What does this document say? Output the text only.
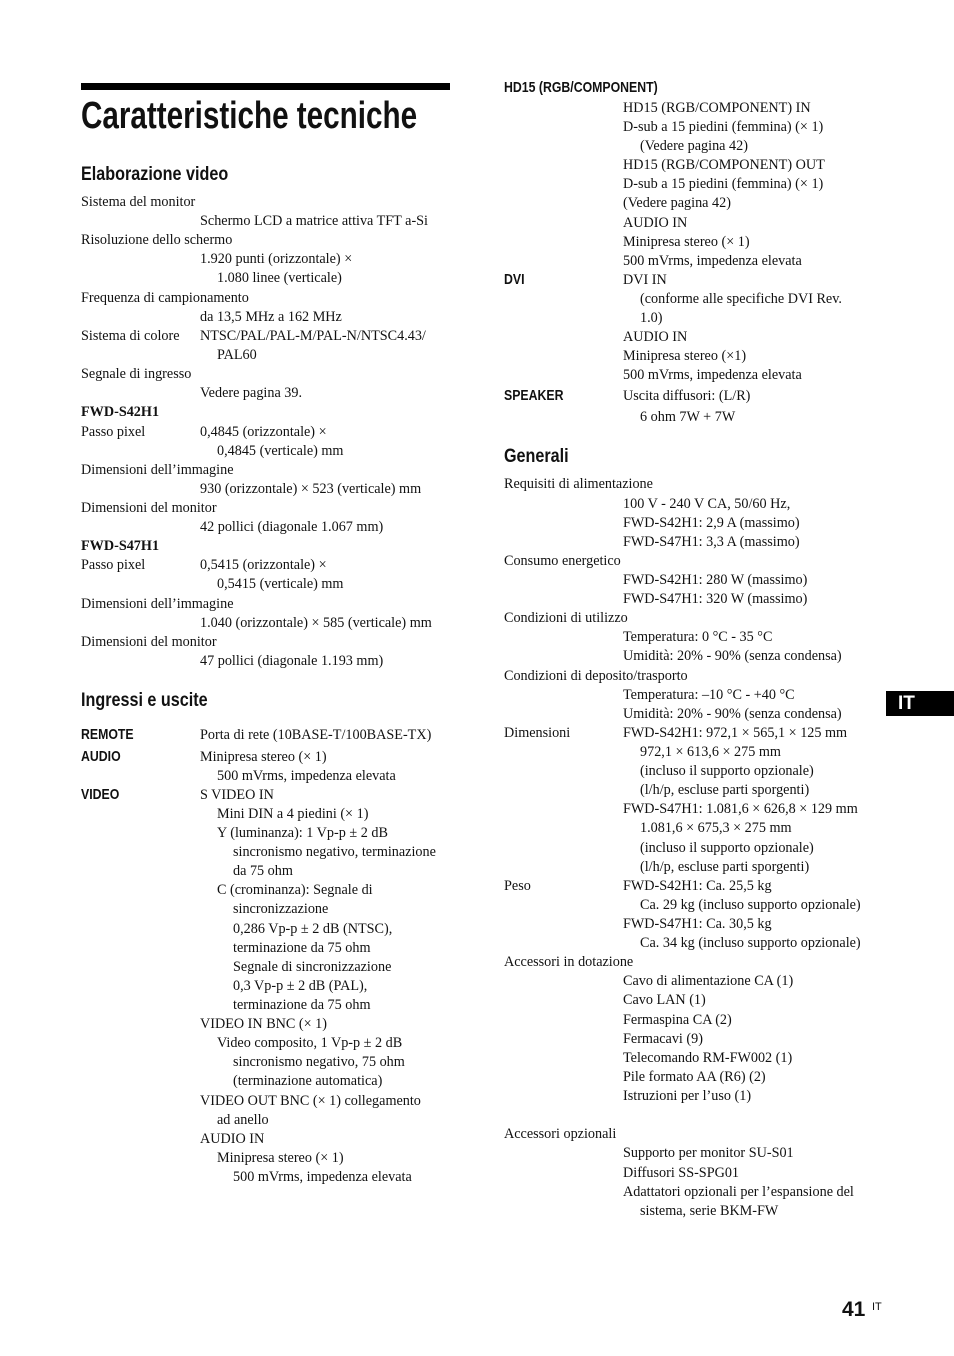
Caratteristiche tecniche
Elaborazione video
Sistema del monitor
Schermo LCD a matrice attiva TFT a-Si
Risoluzione dello schermo
1.920 punti (orizzontale) ×
1.080 linee (verticale)
Frequenza di campionamento
da 13,5 MHz a 162 MHz
Sistema di colore NTSC/PAL/PAL-M/PAL-N/NTSC4.43/
PAL60
Segnale di ingresso
Vedere pagina 39.
FWD-S42H1
Passo pixel	0,4845 (orizzontale) ×
0,4845 (verticale) mm
Dimensioni dell’immagine
930 (orizzontale) × 523 (verticale) mm
Dimensioni del monitor
42 pollici (diagonale 1.067 mm)
FWD-S47H1
Passo pixel	0,5415 (orizzontale) ×
0,5415 (verticale) mm
Dimensioni dell’immagine
1.040 (orizzontale) × 585 (verticale) mm
Dimensioni del monitor
47 pollici (diagonale 1.193 mm)
Ingressi e uscite
REMOTE	Porta di rete (10BASE-T/100BASE-TX)
AUDIO	Minipresa stereo (× 1)
500 mVrms, impedenza elevata
VIDEO	S VIDEO IN
Mini DIN a 4 piedini (× 1)
Y (luminanza): 1 Vp-p ± 2 dB
sincronismo negativo, terminazione
da 75 ohm
C (crominanza): Segnale di
sincronizzazione
0,286 Vp-p ± 2 dB (NTSC),
terminazione da 75 ohm
Segnale di sincronizzazione
0,3 Vp-p ± 2 dB (PAL),
terminazione da 75 ohm
VIDEO IN BNC (× 1)
Video composito, 1 Vp-p ± 2 dB
sincronismo negativo, 75 ohm
(terminazione automatica)
VIDEO OUT BNC (× 1) collegamento
ad anello
AUDIO IN
Minipresa stereo (× 1)
500 mVrms, impedenza elevata
HD15 (RGB/COMPONENT)
HD15 (RGB/COMPONENT) IN
D-sub a 15 piedini (femmina) (× 1)
(Vedere pagina 42)
HD15 (RGB/COMPONENT) OUT
D-sub a 15 piedini (femmina) (× 1)
(Vedere pagina 42)
AUDIO IN
Minipresa stereo (× 1)
500 mVrms, impedenza elevata
DVI	DVI IN
(conforme alle specifiche DVI Rev.
1.0)
AUDIO IN
Minipresa stereo (×1)
500 mVrms, impedenza elevata
SPEAKER	Uscita diffusori: (L/R)
6 ohm 7W + 7W
Generali
Requisiti di alimentazione
100 V - 240 V CA, 50/60 Hz,
FWD-S42H1: 2,9 A (massimo)
FWD-S47H1: 3,3 A (massimo)
Consumo energetico
FWD-S42H1: 280 W (massimo)
FWD-S47H1: 320 W (massimo)
Condizioni di utilizzo
Temperatura: 0 °C - 35 °C
Umidità: 20% - 90% (senza condensa)
Condizioni di deposito/trasporto
Temperatura: –10 °C - +40 °C
Umidità: 20% - 90% (senza condensa)
Dimensioni	FWD-S42H1: 972,1 × 565,1 × 125 mm
972,1 × 613,6 × 275 mm
(incluso il supporto opzionale)
(l/h/p, escluse parti sporgenti)
FWD-S47H1: 1.081,6 × 626,8 × 129 mm
1.081,6 × 675,3 × 275 mm
(incluso il supporto opzionale)
(l/h/p, escluse parti sporgenti)
Peso	FWD-S42H1: Ca. 25,5 kg
Ca. 29 kg (incluso supporto opzionale)
FWD-S47H1: Ca. 30,5 kg
Ca. 34 kg (incluso supporto opzionale)
Accessori in dotazione
Cavo di alimentazione CA (1)
Cavo LAN (1)
Fermaspina CA (2)
Fermacavi (9)
Telecomando RM-FW002 (1)
Pile formato AA (R6) (2)
Istruzioni per l’uso (1)
Accessori opzionali
Supporto per monitor SU-S01
Diffusori SS-SPG01
Adattatori opzionali per l’espansione del
sistema, serie BKM-FW
IT
41 IT
